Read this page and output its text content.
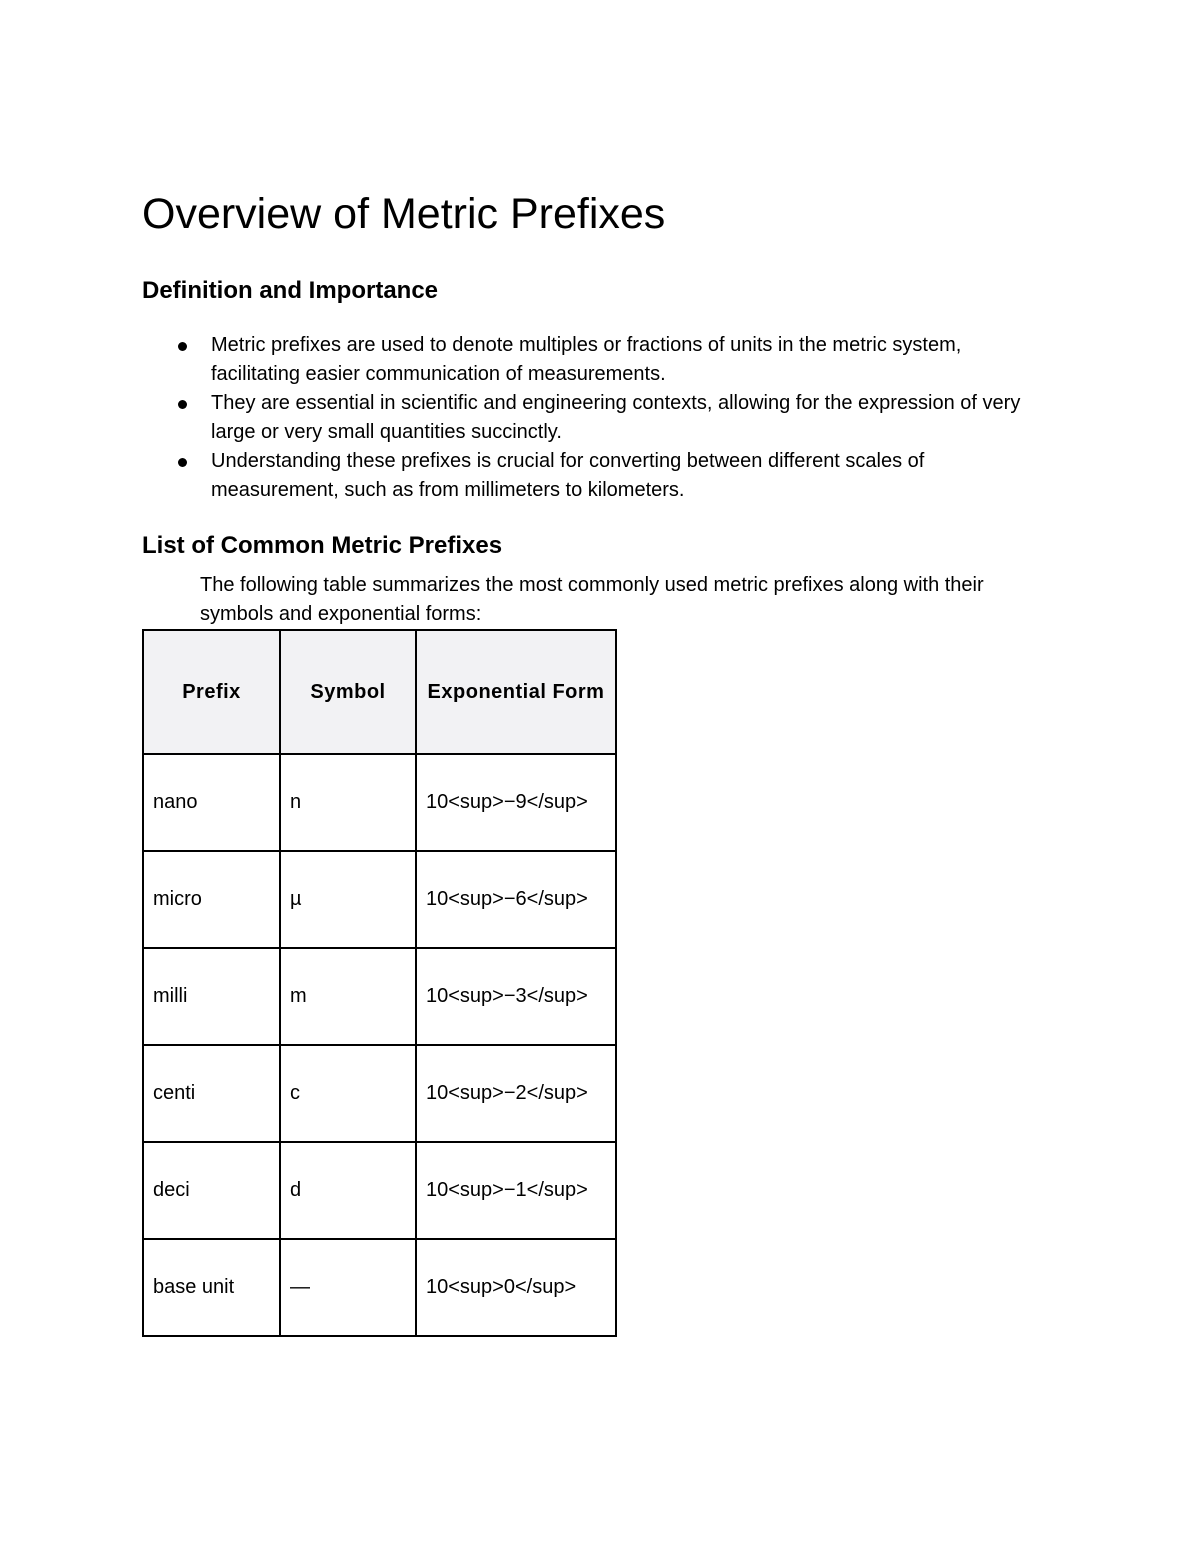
Overview of Metric Prefixes
Definition and Importance
Metric prefixes are used to denote multiples or fractions of units in the metric system, facilitating easier communication of measurements.
They are essential in scientific and engineering contexts, allowing for the expression of very large or very small quantities succinctly.
Understanding these prefixes is crucial for converting between different scales of measurement, such as from millimeters to kilometers.
List of Common Metric Prefixes

The following table summarizes the most commonly used metric prefixes along with their symbols and exponential forms:

Prefix	Symbol	Exponential Form
nano	n	10<sup>−9</sup>
micro	µ	10<sup>−6</sup>
milli	m	10<sup>−3</sup>
centi	c	10<sup>−2</sup>
deci	d	10<sup>−1</sup>
base unit	—	10<sup>0</sup>
